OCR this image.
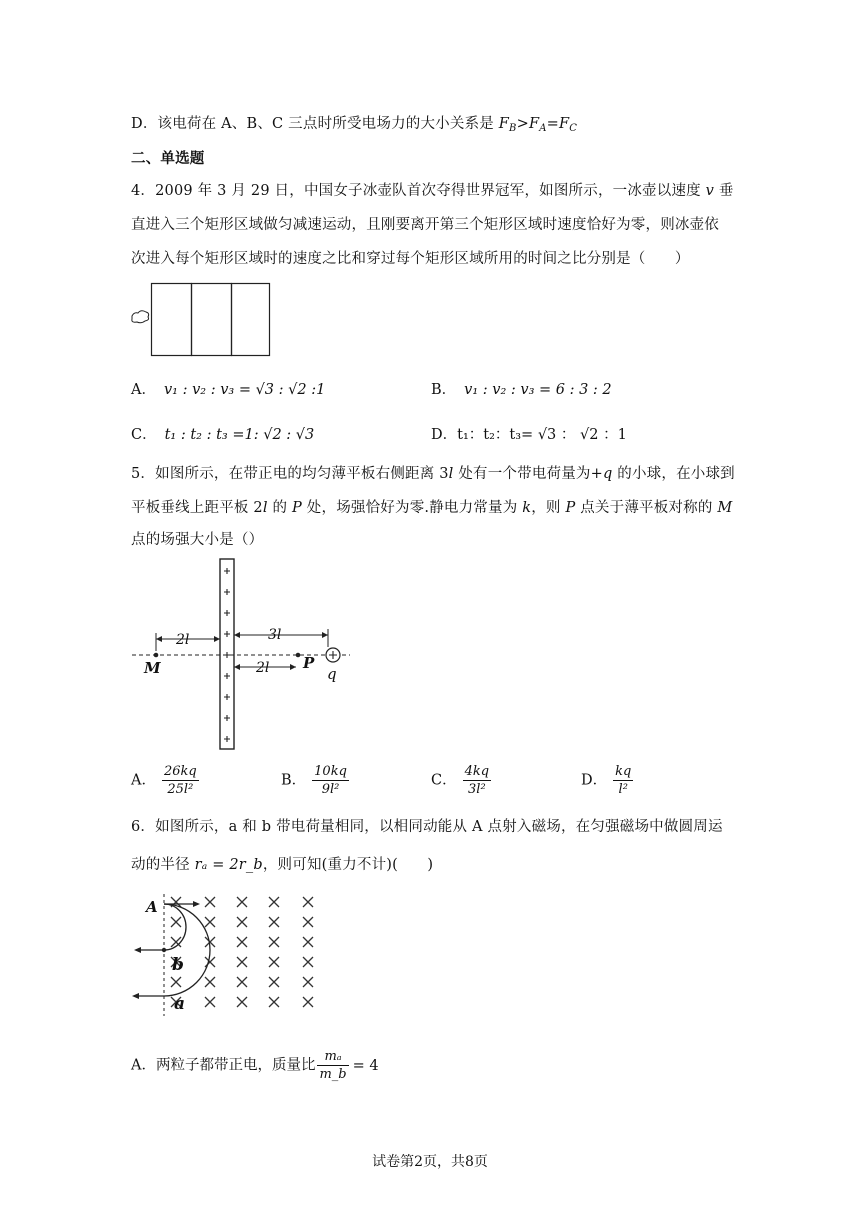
D．该电荷在 A、B、C 三点时所受电场力的大小关系是 $F_B>F_A=F_C$
二、单选题
4．2009 年 3 月 29 日，中国女子冰壶队首次夺得世界冠军，如图所示，一冰壶以速度 v 垂
直进入三个矩形区域做匀减速运动，且刚要离开第三个矩形区域时速度恰好为零，则冰壶依
次进入每个矩形区域时的速度之比和穿过每个矩形区域所用的时间之比分别是（　　）
A． v₁ : v₂ : v₃ = √3 : √2 :1	B． v₁ : v₂ : v₃ = 6 : 3 : 2
C． t₁ : t₂ : t₃ =1: √2 : √3	D．t₁：t₂：t₃= √3 ： √2 ：1
5．如图所示，在带正电的均匀薄平板右侧距离 3l 处有一个带电荷量为+q 的小球，在小球到
平板垂线上距平板 2l 的 P 处，场强恰好为零.静电力常量为 k，则 P 点关于薄平板对称的 M
点的场强大小是（）
2l	3l
2l
M	P
q
A． $\frac{26kq}{\text{25l²}}$	B． $\frac{10kq}{\text{9l²}}$	C． $\frac{4kq}{\text{3l²}}$	D． $\frac{kq}{\text{l²}}$
6．如图所示，a 和 b 带电荷量相同，以相同动能从 A 点射入磁场，在匀强磁场中做圆周运
动的半径 rₐ = 2r_b，则可知(重力不计)(　　)
A
b
a
A．两粒子都带正电，质量比 $\frac{\text{mₐ}}{m\_b} = 4$
试卷第2页，共8页
